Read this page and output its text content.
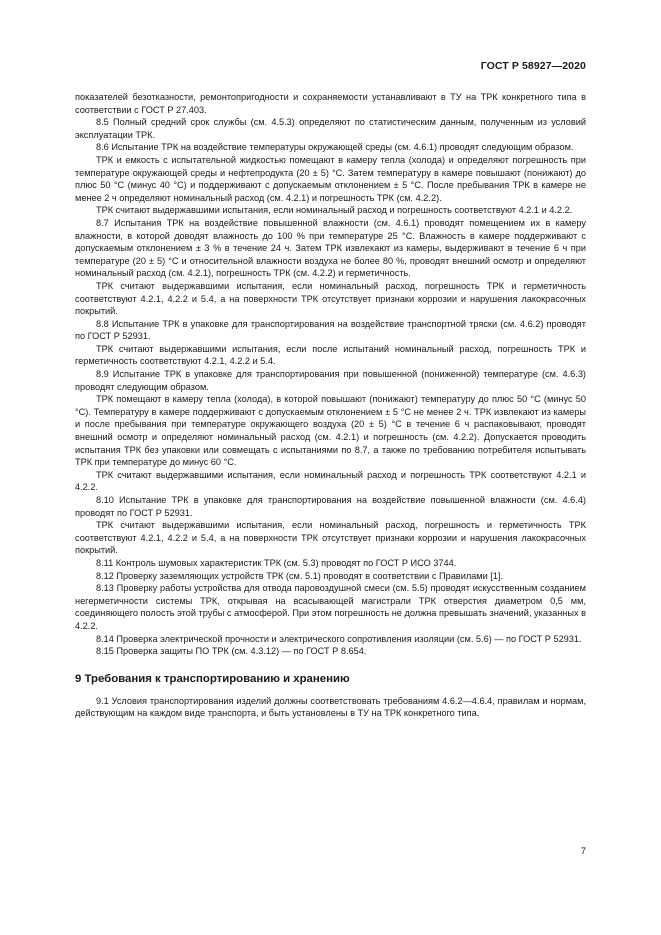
ГОСТ Р 58927—2020

показателей безотказности, ремонтопригодности и сохраняемости устанавливают в ТУ на ТРК конкретного типа в соответствии с ГОСТ Р 27.403.

8.5 Полный средний срок службы (см. 4.5.3) определяют по статистическим данным, полученным из условий эксплуатации ТРК.

8.6 Испытание ТРК на воздействие температуры окружающей среды (см. 4.6.1) проводят следующим образом.

ТРК и емкость с испытательной жидкостью помещают в камеру тепла (холода) и определяют погрешность при температуре окружающей среды и нефтепродукта (20 ± 5) °С. Затем температуру в камере повышают (понижают) до плюс 50 °С (минус 40 °С) и поддерживают с допускаемым отклонением ± 5 °С. После пребывания ТРК в камере не менее 2 ч определяют номинальный расход (см. 4.2.1) и погрешность ТРК (см. 4.2.2).

ТРК считают выдержавшими испытания, если номинальный расход и погрешность соответствуют 4.2.1 и 4.2.2.

8.7 Испытания ТРК на воздействие повышенной влажности (см. 4.6.1) проводят помещением их в камеру влажности, в которой доводят влажность до 100 % при температуре 25 °С. Влажность в камере поддерживают с допускаемым отклонением ± 3 % в течение 24 ч. Затем ТРК извлекают из камеры, выдерживают в течение 6 ч при температуре (20 ± 5) °С и относительной влажности воздуха не более 80 %, проводят внешний осмотр и определяют номинальный расход (см. 4.2.1), погрешность ТРК (см. 4.2.2) и герметичность.

ТРК считают выдержавшими испытания, если номинальный расход, погрешность ТРК и герметичность соответствуют 4.2.1, 4.2.2 и 5.4, а на поверхности ТРК отсутствует признаки коррозии и нарушения лакокрасочных покрытий.

8.8 Испытание ТРК в упаковке для транспортирования на воздействие транспортной тряски (см. 4.6.2) проводят по ГОСТ Р 52931.

ТРК считают выдержавшими испытания, если после испытаний номинальный расход, погрешность ТРК и герметичность соответствуют 4.2.1, 4.2.2 и 5.4.

8.9 Испытание ТРК в упаковке для транспортирования при повышенной (пониженной) температуре (см. 4.6.3) проводят следующим образом.

ТРК помещают в камеру тепла (холода), в которой повышают (понижают) температуру до плюс 50 °С (минус 50 °С). Температуру в камере поддерживают с допускаемым отклонением ± 5 °С не менее 2 ч. ТРК извлекают из камеры и после пребывания при температуре окружающего воздуха (20 ± 5) °С в течение 6 ч распаковывают, проводят внешний осмотр и определяют номинальный расход (см. 4.2.1) и погрешность (см. 4.2.2). Допускается проводить испытания ТРК без упаковки или совмещать с испытаниями по 8.7, а также по требованию потребителя испытывать ТРК при температуре до минус 60 °С.

ТРК считают выдержавшими испытания, если номинальный расход и погрешность ТРК соответствуют 4.2.1 и 4.2.2.

8.10 Испытание ТРК в упаковке для транспортирования на воздействие повышенной влажности (см. 4.6.4) проводят по ГОСТ Р 52931.

ТРК считают выдержавшими испытания, если номинальный расход, погрешность и герметичность ТРК соответствуют 4.2.1, 4.2.2 и 5.4, а на поверхности ТРК отсутствует признаки коррозии и нарушения лакокрасочных покрытий.

8.11 Контроль шумовых характеристик ТРК (см. 5.3) проводят по ГОСТ Р ИСО 3744.

8.12 Проверку заземляющих устройств ТРК (см. 5.1) проводят в соответствии с Правилами [1].

8.13 Проверку работы устройства для отвода паровоздушной смеси (см. 5.5) проводят искусственным созданием негерметичности системы ТРК, открывая на всасывающей магистрали ТРК отверстия диаметром 0,5 мм, соединяющего полость этой трубы с атмосферой. При этом погрешность не должна превышать значений, указанных в 4.2.2.

8.14 Проверка электрической прочности и электрического сопротивления изоляции (см. 5.6) — по ГОСТ Р 52931.

8.15 Проверка защиты ПО ТРК (см. 4.3.12) — по ГОСТ Р 8.654.

9 Требования к транспортированию и хранению

9.1 Условия транспортирования изделий должны соответствовать требованиям 4.6.2—4.6.4, правилам и нормам, действующим на каждом виде транспорта, и быть установлены в ТУ на ТРК конкретного типа.

7
